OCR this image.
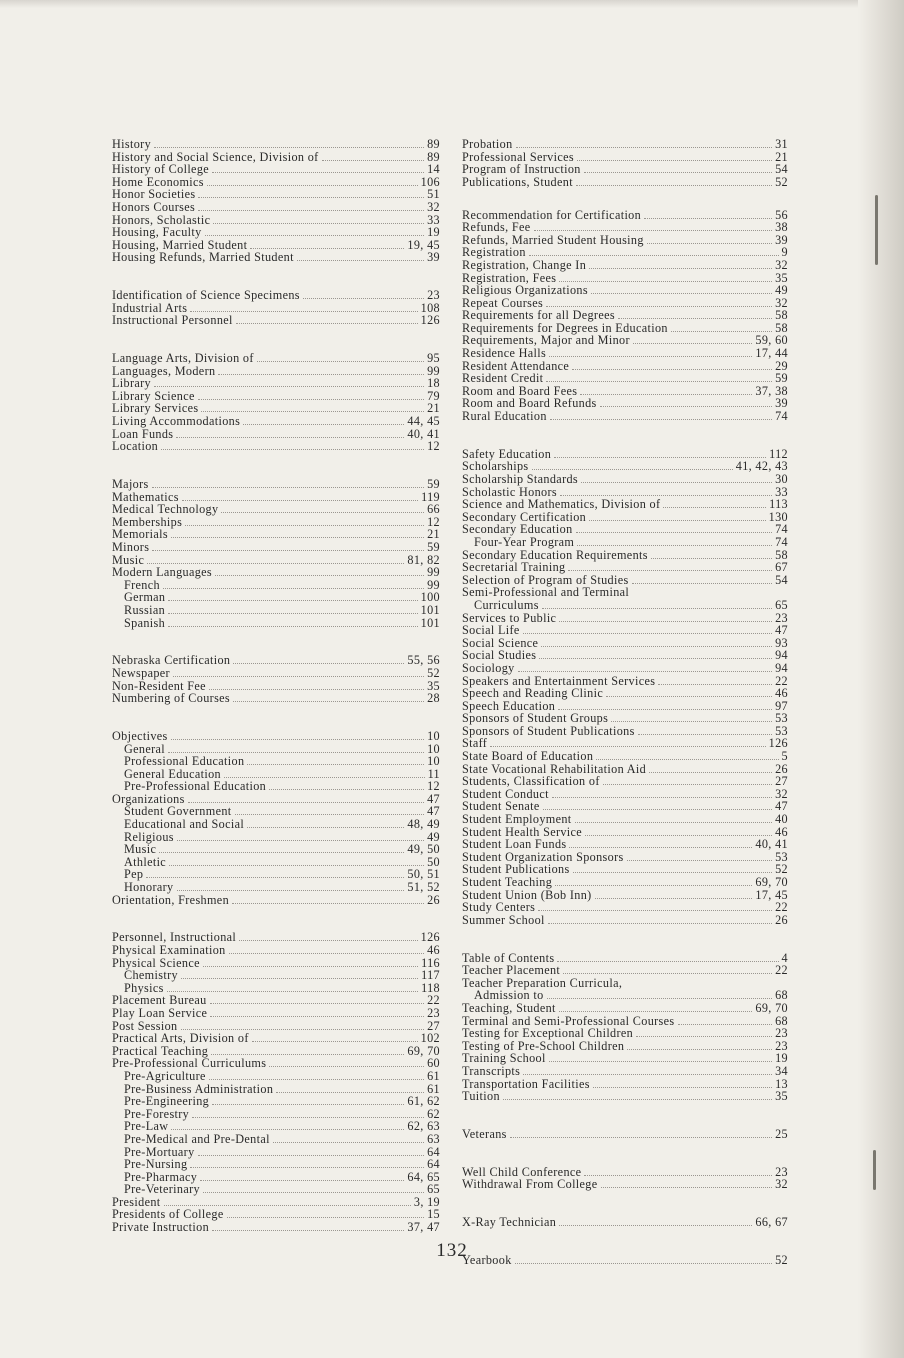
History	89
History and Social Science, Division of	89
History of College	14
Home Economics	106
Honor Societies	51
Honors Courses	32
Honors, Scholastic	33
Housing, Faculty	19
Housing, Married Student	19, 45
Housing Refunds, Married Student	39
Identification of Science Specimens	23
Industrial Arts	108
Instructional Personnel	126
Language Arts, Division of	95
Languages, Modern	99
Library	18
Library Science	79
Library Services	21
Living Accommodations	44, 45
Loan Funds	40, 41
Location	12
Majors	59
Mathematics	119
Medical Technology	66
Memberships	12
Memorials	21
Minors	59
Music	81, 82
Modern Languages	99
French	99
German	100
Russian	101
Spanish	101
Nebraska Certification	55, 56
Newspaper	52
Non-Resident Fee	35
Numbering of Courses	28
Objectives	10
General	10
Professional Education	10
General Education	11
Pre-Professional Education	12
Organizations	47
Student Government	47
Educational and Social	48, 49
Religious	49
Music	49, 50
Athletic	50
Pep	50, 51
Honorary	51, 52
Orientation, Freshmen	26
Personnel, Instructional	126
Physical Examination	46
Physical Science	116
Chemistry	117
Physics	118
Placement Bureau	22
Play Loan Service	23
Post Session	27
Practical Arts, Division of	102
Practical Teaching	69, 70
Pre-Professional Curriculums	60
Pre-Agriculture	61
Pre-Business Administration	61
Pre-Engineering	61, 62
Pre-Forestry	62
Pre-Law	62, 63
Pre-Medical and Pre-Dental	63
Pre-Mortuary	64
Pre-Nursing	64
Pre-Pharmacy	64, 65
Pre-Veterinary	65
President	3, 19
Presidents of College	15
Private Instruction	37, 47
Probation	31
Professional Services	21
Program of Instruction	54
Publications, Student	52
Recommendation for Certification	56
Refunds, Fee	38
Refunds, Married Student Housing	39
Registration	9
Registration, Change In	32
Registration, Fees	35
Religious Organizations	49
Repeat Courses	32
Requirements for all Degrees	58
Requirements for Degrees in Education	58
Requirements, Major and Minor	59, 60
Residence Halls	17, 44
Resident Attendance	29
Resident Credit	59
Room and Board Fees	37, 38
Room and Board Refunds	39
Rural Education	74
Safety Education	112
Scholarships	41, 42, 43
Scholarship Standards	30
Scholastic Honors	33
Science and Mathematics, Division of	113
Secondary Certification	130
Secondary Education	74
Four-Year Program	74
Secondary Education Requirements	58
Secretarial Training	67
Selection of Program of Studies	54
Semi-Professional and Terminal
Curriculums	65
Services to Public	23
Social Life	47
Social Science	93
Social Studies	94
Sociology	94
Speakers and Entertainment Services	22
Speech and Reading Clinic	46
Speech Education	97
Sponsors of Student Groups	53
Sponsors of Student Publications	53
Staff	126
State Board of Education	5
State Vocational Rehabilitation Aid	26
Students, Classification of	27
Student Conduct	32
Student Senate	47
Student Employment	40
Student Health Service	46
Student Loan Funds	40, 41
Student Organization Sponsors	53
Student Publications	52
Student Teaching	69, 70
Student Union (Bob Inn)	17, 45
Study Centers	22
Summer School	26
Table of Contents	4
Teacher Placement	22
Teacher Preparation Curricula,
Admission to	68
Teaching, Student	69, 70
Terminal and Semi-Professional Courses	68
Testing for Exceptional Children	23
Testing of Pre-School Children	23
Training School	19
Transcripts	34
Transportation Facilities	13
Tuition	35
Veterans	25
Well Child Conference	23
Withdrawal From College	32
X-Ray Technician	66, 67
Yearbook	52
132
